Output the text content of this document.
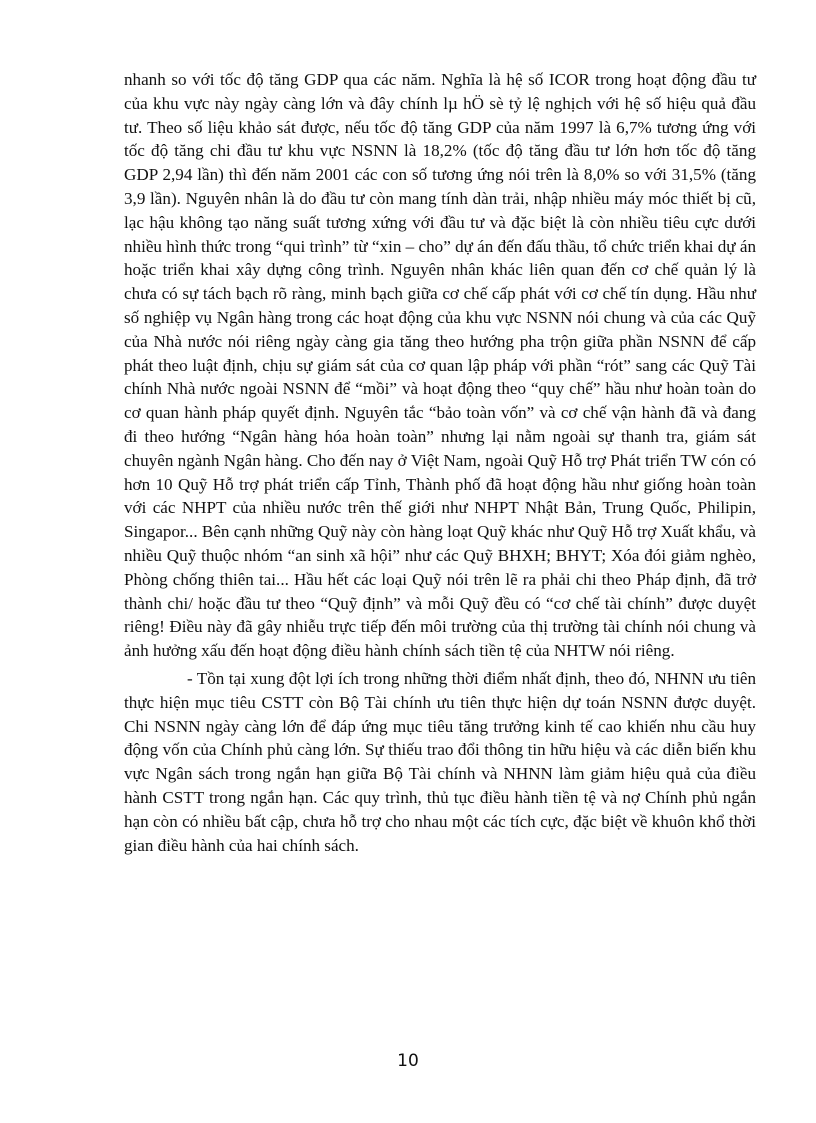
nhanh so với tốc độ tăng GDP qua các năm. Nghĩa là hệ số ICOR trong hoạt động đầu tư của khu vực này ngày càng lớn và đây chính lµ hÖ sè tỷ lệ nghịch với hệ số hiệu quả đầu tư. Theo số liệu khảo sát được, nếu tốc độ tăng GDP của năm 1997 là 6,7% tương ứng với tốc độ tăng chi đầu tư khu vực NSNN là 18,2% (tốc độ tăng đầu tư lớn hơn tốc độ tăng GDP 2,94 lần) thì đến năm 2001 các con số tương ứng nói trên là 8,0% so với 31,5% (tăng 3,9 lần). Nguyên nhân là do đầu tư còn mang tính dàn trải, nhập nhiều máy móc thiết bị cũ, lạc hậu không tạo năng suất tương xứng với đầu tư và đặc biệt là còn nhiều tiêu cực dưới nhiều hình thức trong “qui trình” từ “xin – cho” dự án đến đấu thầu, tổ chức triển khai dự án hoặc triển khai xây dựng công trình. Nguyên nhân khác liên quan đến cơ chế quản lý là chưa có sự tách bạch rõ ràng, minh bạch giữa cơ chế cấp phát với cơ chế tín dụng. Hầu như số nghiệp vụ Ngân hàng trong các hoạt động của khu vực NSNN nói chung và của các Quỹ của Nhà nước nói riêng ngày càng gia tăng theo hướng pha trộn giữa phần NSNN để cấp phát theo luật định, chịu sự giám sát của cơ quan lập pháp với phần “rót” sang các Quỹ Tài chính Nhà nước ngoài NSNN để “mồi” và hoạt động theo “quy chế” hầu như hoàn toàn do cơ quan hành pháp quyết định. Nguyên tắc “bảo toàn vốn” và cơ chế vận hành đã và đang đi theo hướng “Ngân hàng hóa hoàn toàn” nhưng lại nằm ngoài sự thanh tra, giám sát chuyên ngành Ngân hàng. Cho đến nay ở Việt Nam, ngoài Quỹ Hỗ trợ Phát triển TW cón có hơn 10 Quỹ Hỗ trợ phát triển cấp Tỉnh, Thành phố đã hoạt động hầu như giống hoàn toàn với các NHPT của nhiều nước trên thế giới như NHPT Nhật Bản, Trung Quốc, Philipin, Singapor... Bên cạnh những Quỹ này còn hàng loạt Quỹ khác như Quỹ Hỗ trợ Xuất khẩu, và nhiều Quỹ thuộc nhóm “an sinh xã hội” như các Quỹ BHXH; BHYT; Xóa đói giảm nghèo, Phòng chống thiên tai... Hầu hết các loại Quỹ nói trên lẽ ra phải chi theo Pháp định, đã trở thành chi/ hoặc đầu tư theo “Quỹ định” và mỗi Quỹ đều có “cơ chế tài chính” được duyệt riêng! Điều này đã gây nhiễu trực tiếp đến môi trường của thị trường tài chính nói chung và ảnh hưởng xấu đến hoạt động điều hành chính sách tiền tệ của NHTW nói riêng.

- Tồn tại xung đột lợi ích trong những thời điểm nhất định, theo đó, NHNN ưu tiên thực hiện mục tiêu CSTT còn Bộ Tài chính ưu tiên thực hiện dự toán NSNN được duyệt. Chi NSNN ngày càng lớn để đáp ứng mục tiêu tăng trưởng kinh tế cao khiến nhu cầu huy động vốn của Chính phủ càng lớn. Sự thiếu trao đổi thông tin hữu hiệu và các diễn biến khu vực Ngân sách trong ngắn hạn giữa Bộ Tài chính và NHNN làm giảm hiệu quả của điều hành CSTT trong ngắn hạn. Các quy trình, thủ tục điều hành tiền tệ và nợ Chính phủ ngắn hạn còn có nhiều bất cập, chưa hỗ trợ cho nhau một các tích cực, đặc biệt về khuôn khổ thời gian điều hành của hai chính sách.

10
